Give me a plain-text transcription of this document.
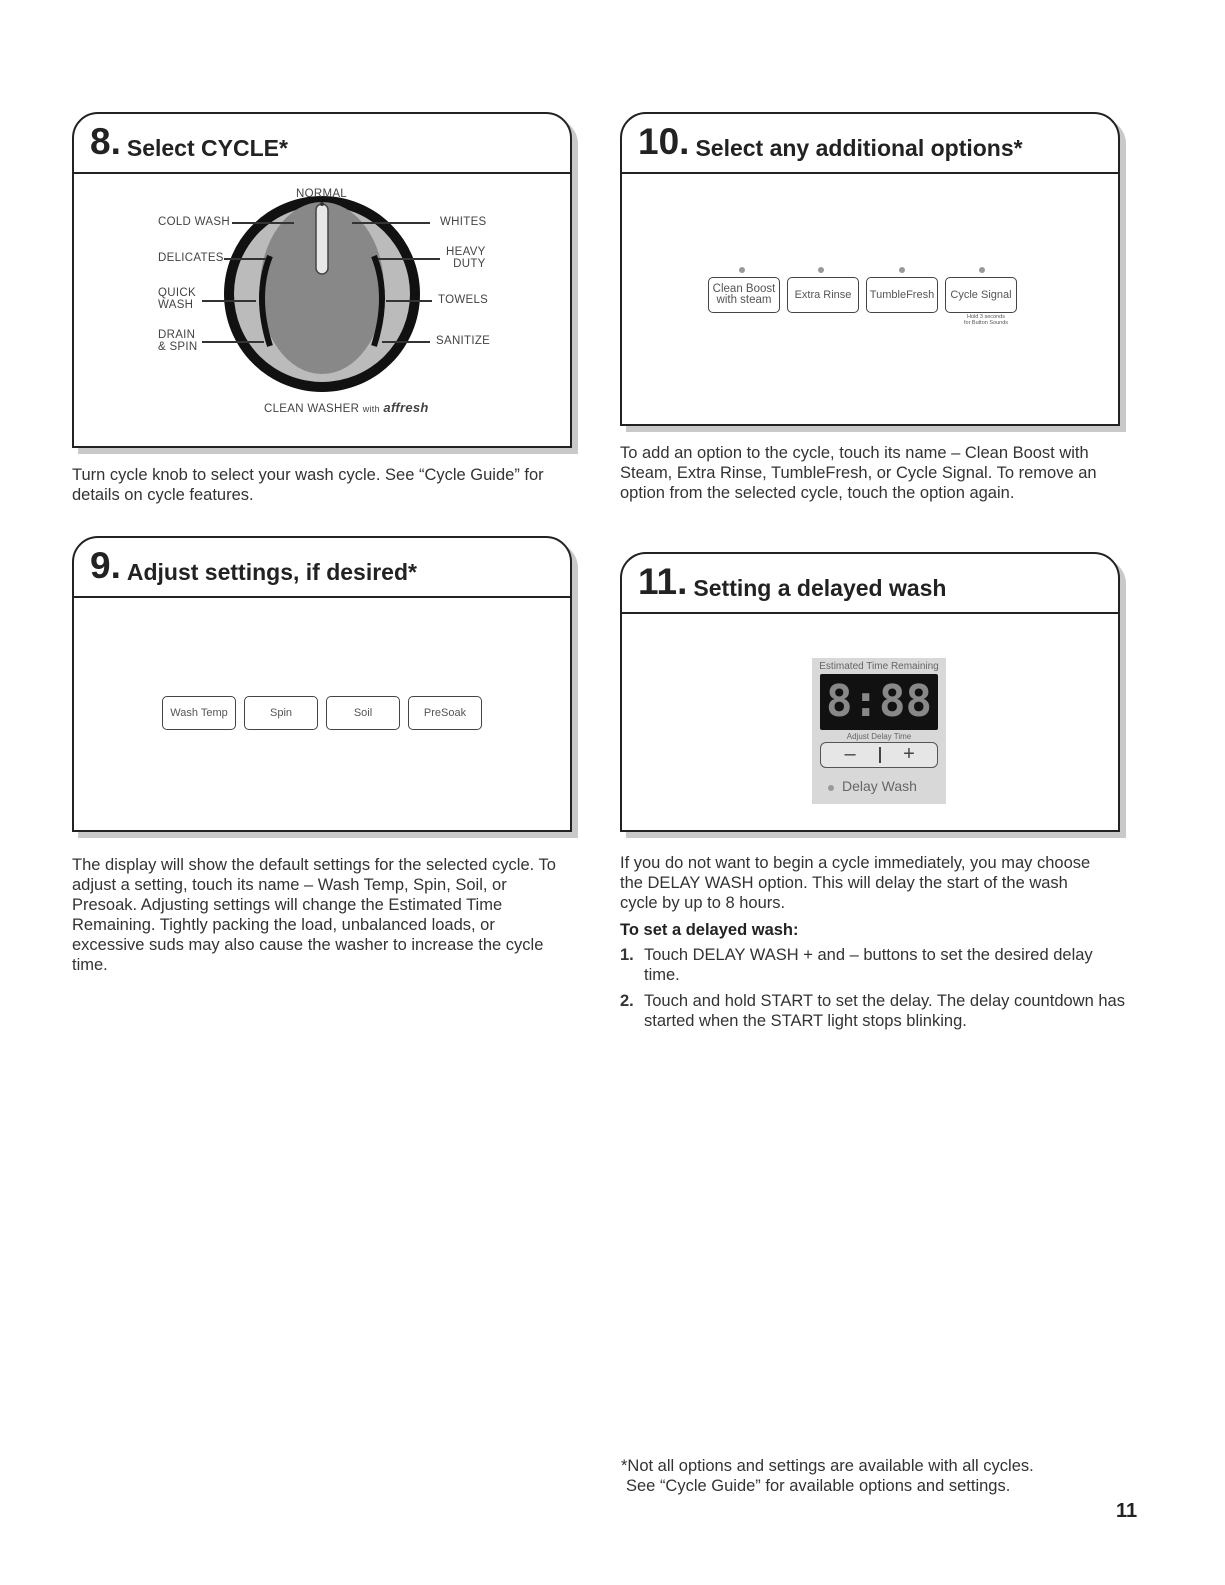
8. Select CYCLE*
NORMAL
COLD WASH
DELICATES
QUICK
WASH
DRAIN
& SPIN
WHITES
HEAVY
DUTY
TOWELS
SANITIZE
CLEAN WASHER with affresh
Turn cycle knob to select your wash cycle. See “Cycle Guide” for details on cycle features.
9. Adjust settings, if desired*
Wash Temp	Spin	Soil	PreSoak
The display will show the default settings for the selected cycle. To adjust a setting, touch its name – Wash Temp, Spin, Soil, or Presoak. Adjusting settings will change the Estimated Time Remaining. Tightly packing the load, unbalanced loads, or excessive suds may also cause the washer to increase the cycle time.
10. Select any additional options*
Clean Boost
with steam	Extra Rinse	TumbleFresh	Cycle Signal
Hold 3 seconds
for Button Sounds
To add an option to the cycle, touch its name – Clean Boost with Steam, Extra Rinse, TumbleFresh, or Cycle Signal. To remove an option from the selected cycle, touch the option again.
11. Setting a delayed wash
Estimated Time Remaining
8:88
Adjust Delay Time
–	+
Delay Wash
If you do not want to begin a cycle immediately, you may choose the DELAY WASH option. This will delay the start of the wash cycle by up to 8 hours.
To set a delayed wash:
1. Touch DELAY WASH + and – buttons to set the desired delay time.
2. Touch and hold START to set the delay. The delay countdown has started when the START light stops blinking.
*Not all options and settings are available with all cycles.
See “Cycle Guide” for available options and settings.
11
